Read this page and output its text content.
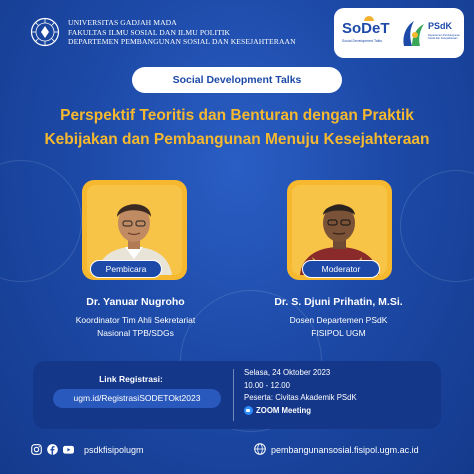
UNIVERSITAS GADJAH MADA
FAKULTAS ILMU SOSIAL DAN ILMU POLITIK
DEPARTEMEN PEMBANGUNAN SOSIAL DAN KESEJAHTERAAN
SoDeT
Social Development Talks
PSdK
Departemen Pembangunan Sosial dan Kesejahteraan
Social Development Talks
Perspektif Teoritis dan Benturan dengan Praktik
Kebijakan dan Pembangunan Menuju Kesejahteraan
Pembicara
Dr. Yanuar Nugroho
Koordinator Tim Ahli Sekretariat
Nasional TPB/SDGs
Moderator
Dr. S. Djuni Prihatin, M.Si.
Dosen Departemen PSdK
FISIPOL UGM
Link Registrasi:
ugm.id/RegistrasiSODETOkt2023
Selasa, 24 Oktober 2023
10.00 - 12.00
Peserta: Civitas Akademik PSdK
ZOOM Meeting
psdkfisipolugm	pembangunansosial.fisipol.ugm.ac.id
